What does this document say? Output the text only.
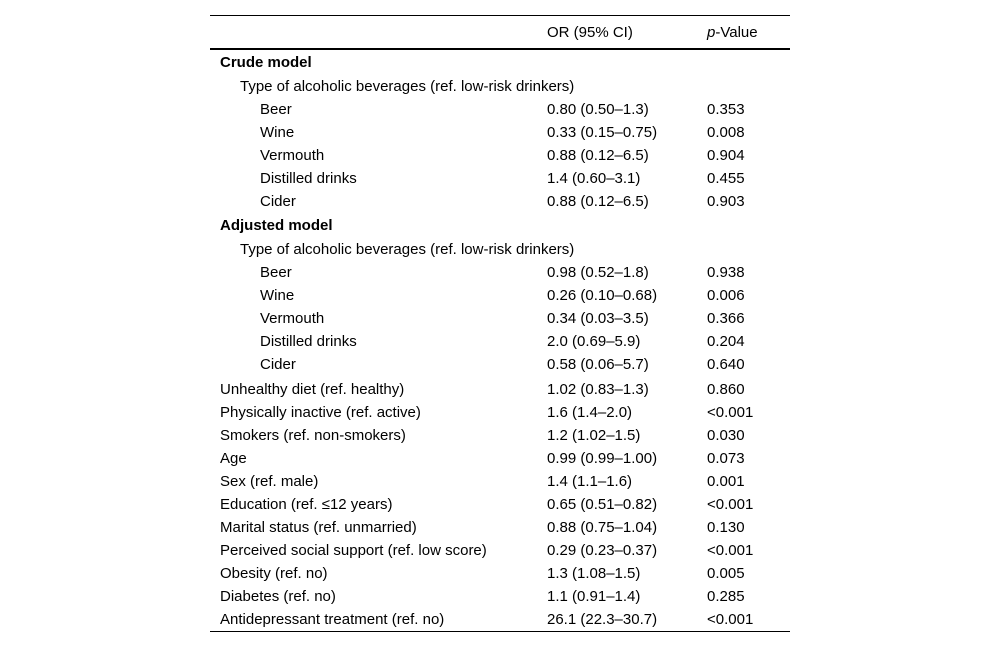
OR (95% CI)	p-Value
Crude model
Type of alcoholic beverages (ref. low-risk drinkers)
Beer	0.80 (0.50–1.3)	0.353
Wine	0.33 (0.15–0.75)	0.008
Vermouth	0.88 (0.12–6.5)	0.904
Distilled drinks	1.4 (0.60–3.1)	0.455
Cider	0.88 (0.12–6.5)	0.903
Adjusted model
Type of alcoholic beverages (ref. low-risk drinkers)
Beer	0.98 (0.52–1.8)	0.938
Wine	0.26 (0.10–0.68)	0.006
Vermouth	0.34 (0.03–3.5)	0.366
Distilled drinks	2.0 (0.69–5.9)	0.204
Cider	0.58 (0.06–5.7)	0.640
Unhealthy diet (ref. healthy)	1.02 (0.83–1.3)	0.860
Physically inactive (ref. active)	1.6 (1.4–2.0)	<0.001
Smokers (ref. non-smokers)	1.2 (1.02–1.5)	0.030
Age	0.99 (0.99–1.00)	0.073
Sex (ref. male)	1.4 (1.1–1.6)	0.001
Education (ref. ≤12 years)	0.65 (0.51–0.82)	<0.001
Marital status (ref. unmarried)	0.88 (0.75–1.04)	0.130
Perceived social support (ref. low score)	0.29 (0.23–0.37)	<0.001
Obesity (ref. no)	1.3 (1.08–1.5)	0.005
Diabetes (ref. no)	1.1 (0.91–1.4)	0.285
Antidepressant treatment (ref. no)	26.1 (22.3–30.7)	<0.001
